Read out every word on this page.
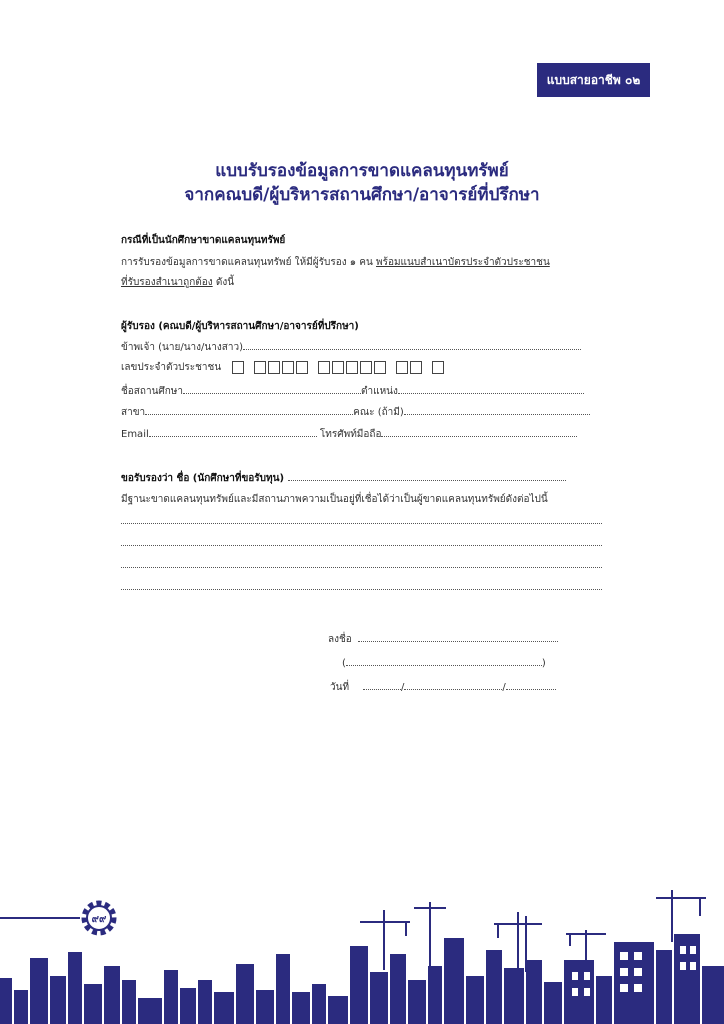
แบบสายอาชีพ ๐๒
แบบรับรองข้อมูลการขาดแคลนทุนทรัพย์
จากคณบดี/ผู้บริหารสถานศึกษา/อาจารย์ที่ปรึกษา
กรณีที่เป็นนักศึกษาขาดแคลนทุนทรัพย์
การรับรองข้อมูลการขาดแคลนทุนทรัพย์ ให้มีผู้รับรอง ๑ คน พร้อมแนบสำเนาบัตรประจำตัวประชาชน
ที่รับรองสำเนาถูกต้อง ดังนี้
ผู้รับรอง (คณบดี/ผู้บริหารสถานศึกษา/อาจารย์ที่ปรึกษา)
ข้าพเจ้า (นาย/นาง/นางสาว)
เลขประจำตัวประชาชน
ชื่อสถานศึกษา	ตำแหน่ง
สาขา	คณะ (ถ้ามี)
Email	โทรศัพท์มือถือ
ขอรับรองว่า ชื่อ (นักศึกษาที่ขอรับทุน)
มีฐานะขาดแคลนทุนทรัพย์และมีสถานภาพความเป็นอยู่ที่เชื่อได้ว่าเป็นผู้ขาดแคลนทุนทรัพย์ดังต่อไปนี้
ลงชื่อ
(	)
วันที่	/	/
๙๙
